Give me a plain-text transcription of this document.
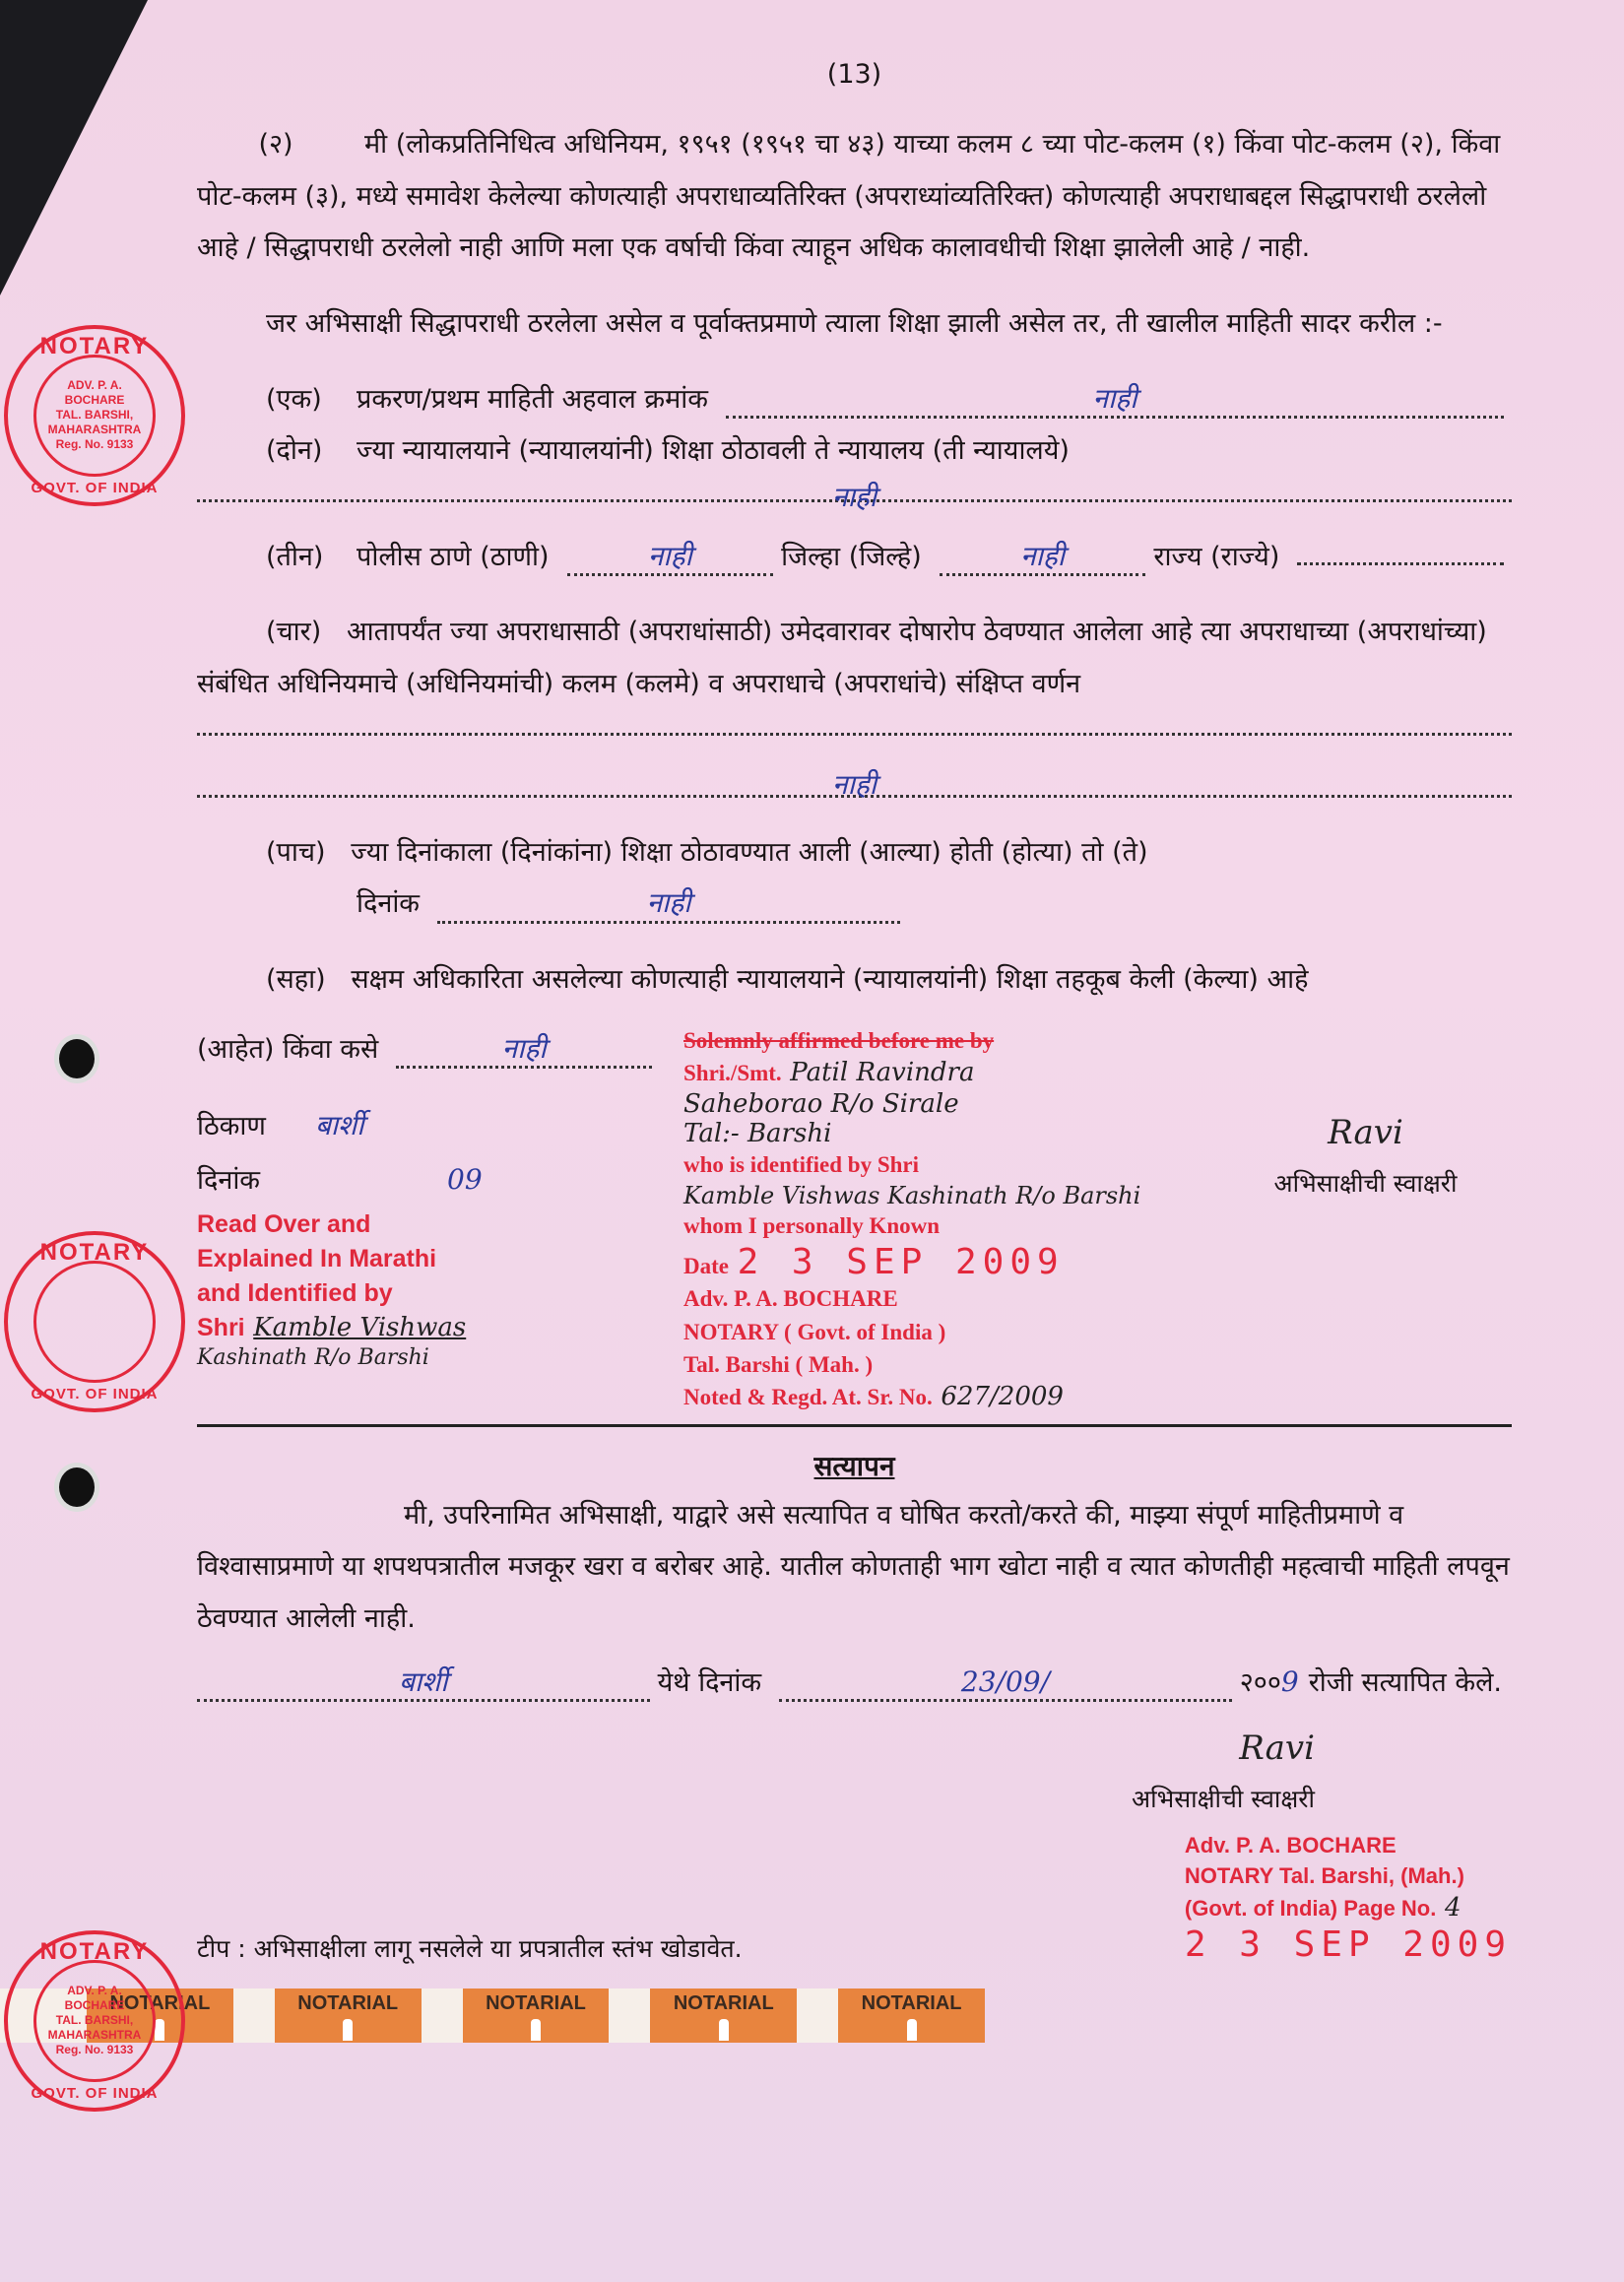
NOTARY
ADV. P. A.
BOCHARE
TAL. BARSHI,
MAHARASHTRA
Reg. No. 9133
GOVT. OF INDIA
NOTARY
GOVT. OF INDIA
NOTARY
ADV. P. A.
BOCHARE
TAL. BARSHI,
MAHARASHTRA
Reg. No. 9133
GOVT. OF INDIA
(13)
(२)	मी (लोकप्रतिनिधित्व अधिनियम, १९५१ (१९५१ चा ४३) याच्या कलम ८ च्या पोट-कलम (१) किंवा पोट-कलम (२), किंवा पोट-कलम (३), मध्ये समावेश केलेल्या कोणत्याही अपराधाव्यतिरिक्त (अपराध्यांव्यतिरिक्त) कोणत्याही अपराधाबद्दल सिद्धापराधी ठरलेलो आहे / सिद्धापराधी ठरलेलो नाही आणि मला एक वर्षाची किंवा त्याहून अधिक कालावधीची शिक्षा झालेली आहे / नाही.
जर अभिसाक्षी सिद्धापराधी ठरलेला असेल व पूर्वाक्तप्रमाणे त्याला शिक्षा झाली असेल तर, ती खालील माहिती सादर करील :-
(एक)	प्रकरण/प्रथम माहिती अहवाल क्रमांक	नाही
(दोन)	ज्या न्यायालयाने (न्यायालयांनी) शिक्षा ठोठावली ते न्यायालय (ती न्यायालये)
नाही
(तीन)	पोलीस ठाणे (ठाणी)	नाही	जिल्हा (जिल्हे)	नाही	राज्य (राज्ये)
(चार) आतापर्यंत ज्या अपराधासाठी (अपराधांसाठी) उमेदवारावर दोषारोप ठेवण्यात आलेला आहे त्या अपराधाच्या (अपराधांच्या) संबंधित अधिनियमाचे (अधिनियमांची) कलम (कलमे) व अपराधाचे (अपराधांचे) संक्षिप्त वर्णन
नाही
(पाच) ज्या दिनांकाला (दिनांकांना) शिक्षा ठोठावण्यात आली (आल्या) होती (होत्या) तो (ते)
दिनांक	नाही
(सहा) सक्षम अधिकारिता असलेल्या कोणत्याही न्यायालयाने (न्यायालयांनी) शिक्षा तहकूब केली (केल्या) आहे
(आहेत) किंवा कसे	नाही
ठिकाण बार्शी
दिनांक	09
Read Over and
Explained In Marathi
and Identified by
Shri Kamble Vishwas
Kashinath R/o Barshi
Solemnly affirmed before me by
Shri./Smt. Patil Ravindra
Saheborao R/o Sirale
Tal:- Barshi
who is identified by Shri
Kamble Vishwas Kashinath R/o Barshi
whom I personally Known
Date 2 3 SEP 2009
Adv. P. A. BOCHARE
NOTARY ( Govt. of India )
Tal. Barshi ( Mah. )
Noted & Regd. At. Sr. No. 627/2009
Ravi
अभिसाक्षीची स्वाक्षरी
सत्यापन
मी, उपरिनामित अभिसाक्षी, याद्वारे असे सत्यापित व घोषित करतो/करते की, माझ्या संपूर्ण माहितीप्रमाणे व विश्वासाप्रमाणे या शपथपत्रातील मजकूर खरा व बरोबर आहे. यातील कोणताही भाग खोटा नाही व त्यात कोणतीही महत्वाची माहिती लपवून ठेवण्यात आलेली नाही.
बार्शी	येथे दिनांक	23/09/	२०० 9 रोजी सत्यापित केले.
Ravi
अभिसाक्षीची स्वाक्षरी
टीप : अभिसाक्षीला लागू नसलेले या प्रपत्रातील स्तंभ खोडावेत.
Adv. P. A. BOCHARE
NOTARY Tal. Barshi, (Mah.)
(Govt. of India) Page No. 4
2 3 SEP 2009
NOTARIAL	NOTARIAL	NOTARIAL	NOTARIAL	NOTARIAL
